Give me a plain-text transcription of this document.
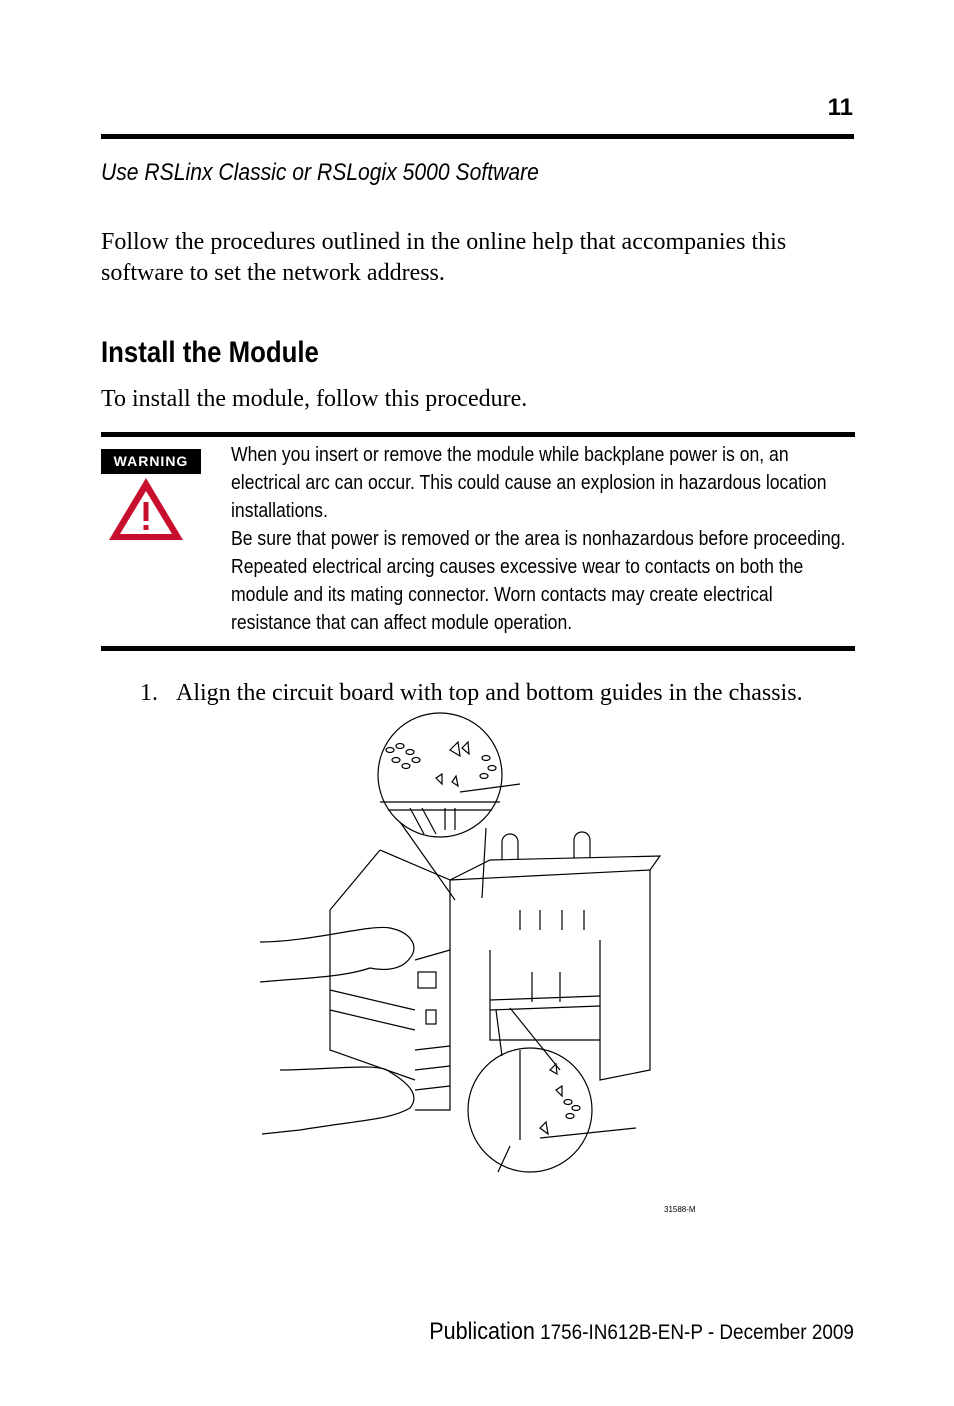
11
Use RSLinx Classic or RSLogix 5000 Software
Follow the procedures outlined in the online help that accompanies this software to set the network address.
Install the Module
To install the module, follow this procedure.
WARNING	When you insert or remove the module while backplane power is on, an electrical arc can occur. This could cause an explosion in hazardous location installations.

Be sure that power is removed or the area is nonhazardous before proceeding. Repeated electrical arcing causes excessive wear to contacts on both the module and its mating connector. Worn contacts may create electrical resistance that can affect module operation.

1. Align the circuit board with top and bottom guides in the chassis.
31588-M
Publication 1756-IN612B-EN-P - December 2009
